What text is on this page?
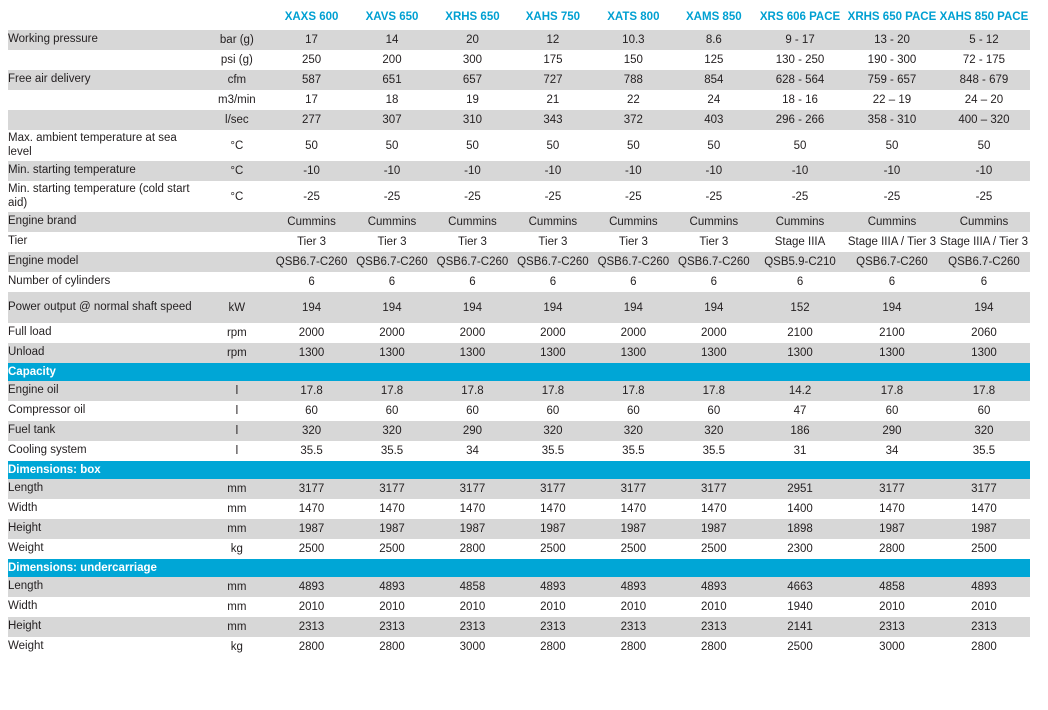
		XAXS 600	XAVS 650	XRHS 650	XAHS 750	XATS 800	XAMS 850	XRS 606 PACE	XRHS 650 PACE	XAHS 850 PACE
Working pressure	bar (g)	17	14	20	12	10.3	8.6	9 - 17	13 - 20	5 - 12
	psi (g)	250	200	300	175	150	125	130 - 250	190 - 300	72 - 175
Free air delivery	cfm	587	651	657	727	788	854	628 - 564	759 - 657	848 - 679
	m3/min	17	18	19	21	22	24	18 - 16	22 – 19	24 – 20
	l/sec	277	307	310	343	372	403	296 - 266	358 - 310	400 – 320
Max. ambient temperature at sea level	°C	50	50	50	50	50	50	50	50	50
Min. starting temperature	°C	-10	-10	-10	-10	-10	-10	-10	-10	-10
Min. starting temperature (cold start aid)	°C	-25	-25	-25	-25	-25	-25	-25	-25	-25
Engine brand		Cummins	Cummins	Cummins	Cummins	Cummins	Cummins	Cummins	Cummins	Cummins
Tier		Tier 3	Tier 3	Tier 3	Tier 3	Tier 3	Tier 3	Stage IIIA	Stage IIIA / Tier 3	Stage IIIA / Tier 3
Engine model		QSB6.7-C260	QSB6.7-C260	QSB6.7-C260	QSB6.7-C260	QSB6.7-C260	QSB6.7-C260	QSB5.9-C210	QSB6.7-C260	QSB6.7-C260
Number of cylinders		6	6	6	6	6	6	6	6	6
Power output @ normal shaft speed	kW	194	194	194	194	194	194	152	194	194
Full load	rpm	2000	2000	2000	2000	2000	2000	2100	2100	2060
Unload	rpm	1300	1300	1300	1300	1300	1300	1300	1300	1300
Capacity										
Engine oil	l	17.8	17.8	17.8	17.8	17.8	17.8	14.2	17.8	17.8
Compressor oil	l	60	60	60	60	60	60	47	60	60
Fuel tank	l	320	320	290	320	320	320	186	290	320
Cooling system	l	35.5	35.5	34	35.5	35.5	35.5	31	34	35.5
Dimensions: box										
Length	mm	3177	3177	3177	3177	3177	3177	2951	3177	3177
Width	mm	1470	1470	1470	1470	1470	1470	1400	1470	1470
Height	mm	1987	1987	1987	1987	1987	1987	1898	1987	1987
Weight	kg	2500	2500	2800	2500	2500	2500	2300	2800	2500
Dimensions: undercarriage										
Length	mm	4893	4893	4858	4893	4893	4893	4663	4858	4893
Width	mm	2010	2010	2010	2010	2010	2010	1940	2010	2010
Height	mm	2313	2313	2313	2313	2313	2313	2141	2313	2313
Weight	kg	2800	2800	3000	2800	2800	2800	2500	3000	2800
